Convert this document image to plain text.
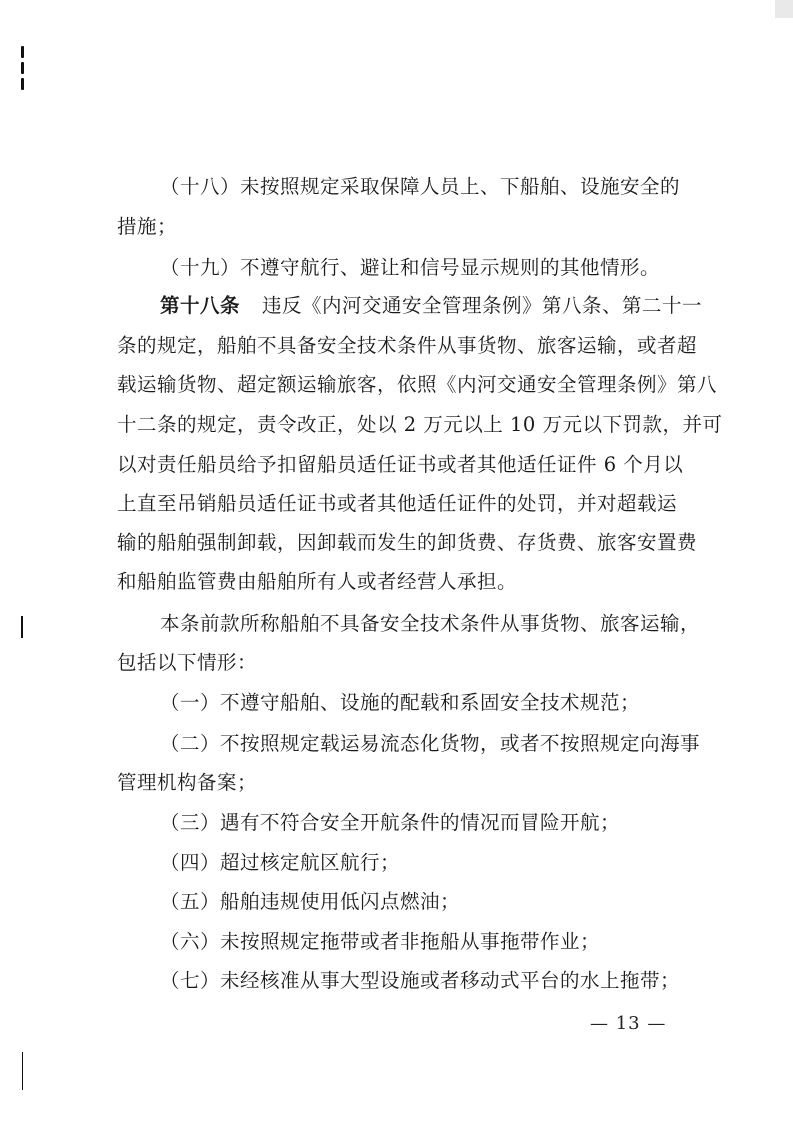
（十八）未按照规定采取保障人员上、下船舶、设施安全的
措施；
（十九）不遵守航行、避让和信号显示规则的其他情形。
第十八条 违反《内河交通安全管理条例》第八条、第二十一
条的规定，船舶不具备安全技术条件从事货物、旅客运输，或者超
载运输货物、超定额运输旅客，依照《内河交通安全管理条例》第八
十二条的规定，责令改正，处以 2 万元以上 10 万元以下罚款，并可
以对责任船员给予扣留船员适任证书或者其他适任证件 6 个月以
上直至吊销船员适任证书或者其他适任证件的处罚，并对超载运
输的船舶强制卸载，因卸载而发生的卸货费、存货费、旅客安置费
和船舶监管费由船舶所有人或者经营人承担。
本条前款所称船舶不具备安全技术条件从事货物、旅客运输，
包括以下情形：
（一）不遵守船舶、设施的配载和系固安全技术规范；
（二）不按照规定载运易流态化货物，或者不按照规定向海事
管理机构备案；
（三）遇有不符合安全开航条件的情况而冒险开航；
（四）超过核定航区航行；
（五）船舶违规使用低闪点燃油；
（六）未按照规定拖带或者非拖船从事拖带作业；
（七）未经核准从事大型设施或者移动式平台的水上拖带；
— 13 —
